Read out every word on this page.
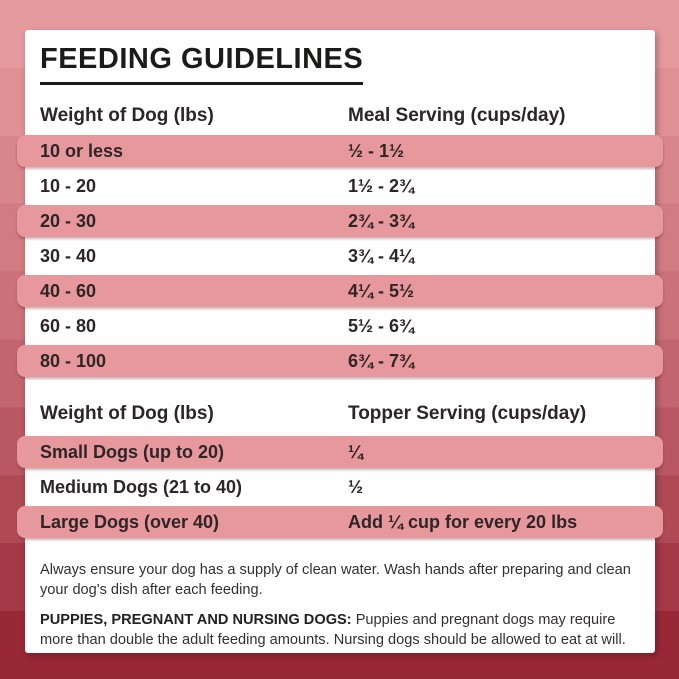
FEEDING GUIDELINES
Weight of Dog (lbs)	Meal Serving (cups/day)
10 or less	½ - 1½
10 - 20	1½ - 2¾
20 - 30	2¾ - 3¾
30 - 40	3¾ - 4¼
40 - 60	4¼ - 5½
60 - 80	5½ - 6¾
80 - 100	6¾ - 7¾
Weight of Dog (lbs)	Topper Serving (cups/day)
Small Dogs (up to 20)	¼
Medium Dogs (21 to 40)	½
Large Dogs (over 40)	Add ¼ cup for every 20 lbs

Always ensure your dog has a supply of clean water. Wash hands after preparing and clean your dog's dish after each feeding.

PUPPIES, PREGNANT AND NURSING DOGS: Puppies and pregnant dogs may require more than double the adult feeding amounts. Nursing dogs should be allowed to eat at will.
